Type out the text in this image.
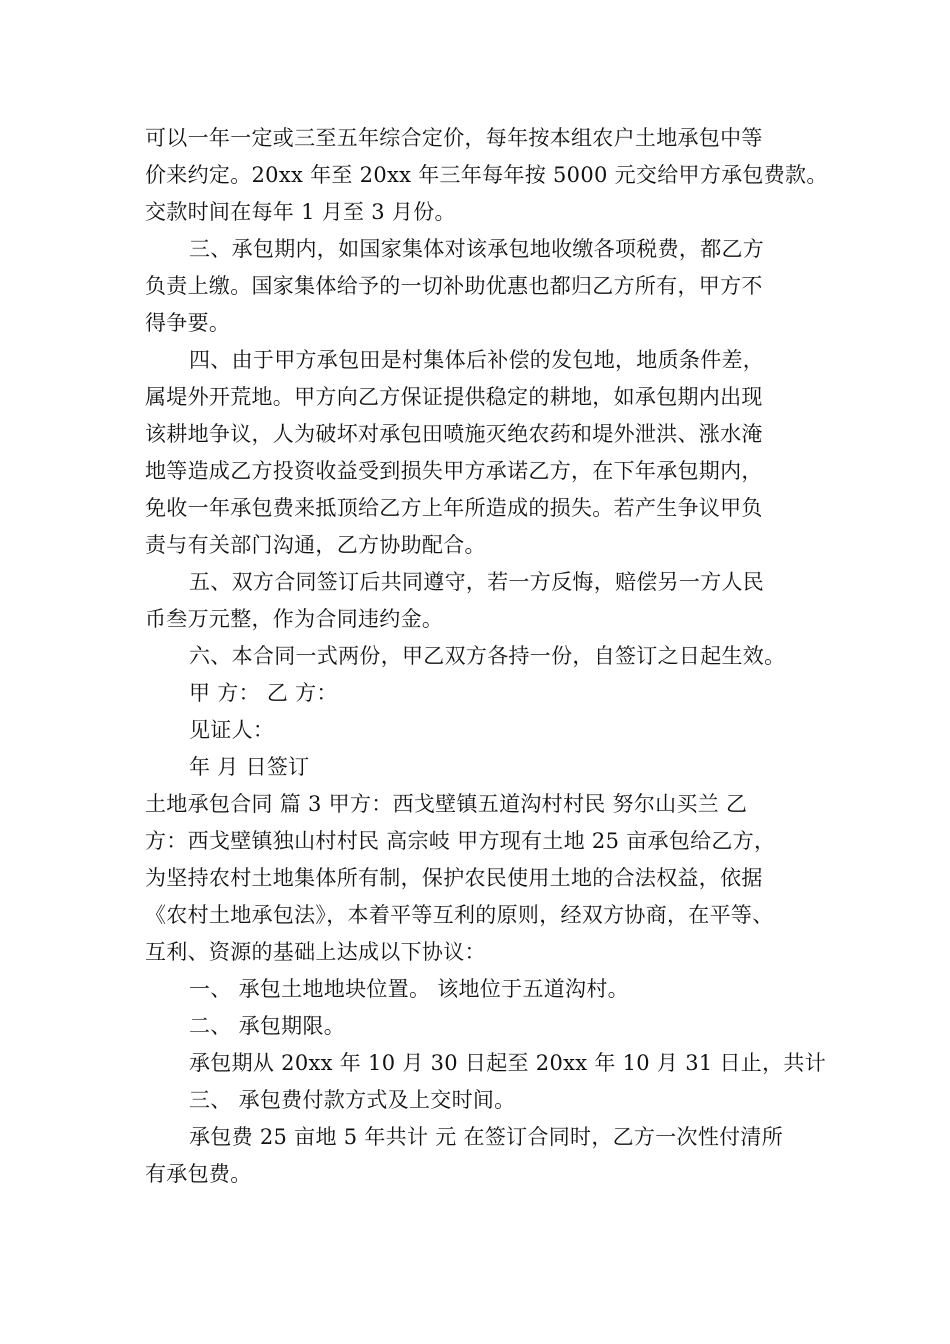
可以一年一定或三至五年综合定价，每年按本组农户土地承包中等
价来约定。20xx 年至 20xx 年三年每年按 5000 元交给甲方承包费款。
交款时间在每年 1 月至 3 月份。
三、承包期内，如国家集体对该承包地收缴各项税费，都乙方
负责上缴。国家集体给予的一切补助优惠也都归乙方所有，甲方不
得争要。
四、由于甲方承包田是村集体后补偿的发包地，地质条件差，
属堤外开荒地。甲方向乙方保证提供稳定的耕地，如承包期内出现
该耕地争议，人为破坏对承包田喷施灭绝农药和堤外泄洪、涨水淹
地等造成乙方投资收益受到损失甲方承诺乙方，在下年承包期内，
免收一年承包费来抵顶给乙方上年所造成的损失。若产生争议甲负
责与有关部门沟通，乙方协助配合。
五、双方合同签订后共同遵守，若一方反悔，赔偿另一方人民
币叁万元整，作为合同违约金。
六、本合同一式两份，甲乙双方各持一份，自签订之日起生效。
甲 方： 乙 方：
见证人：
年 月 日签订
土地承包合同 篇 3 甲方：西戈壁镇五道沟村村民 努尔山买兰 乙
方：西戈壁镇独山村村民 高宗岐 甲方现有土地 25 亩承包给乙方，
为坚持农村土地集体所有制，保护农民使用土地的合法权益，依据
《农村土地承包法》，本着平等互利的原则，经双方协商，在平等、
互利、资源的基础上达成以下协议：
一、 承包土地地块位置。 该地位于五道沟村。
二、 承包期限。
承包期从 20xx 年 10 月 30 日起至 20xx 年 10 月 31 日止，共计
三、 承包费付款方式及上交时间。
承包费 25 亩地 5 年共计 元 在签订合同时，乙方一次性付清所
有承包费。
